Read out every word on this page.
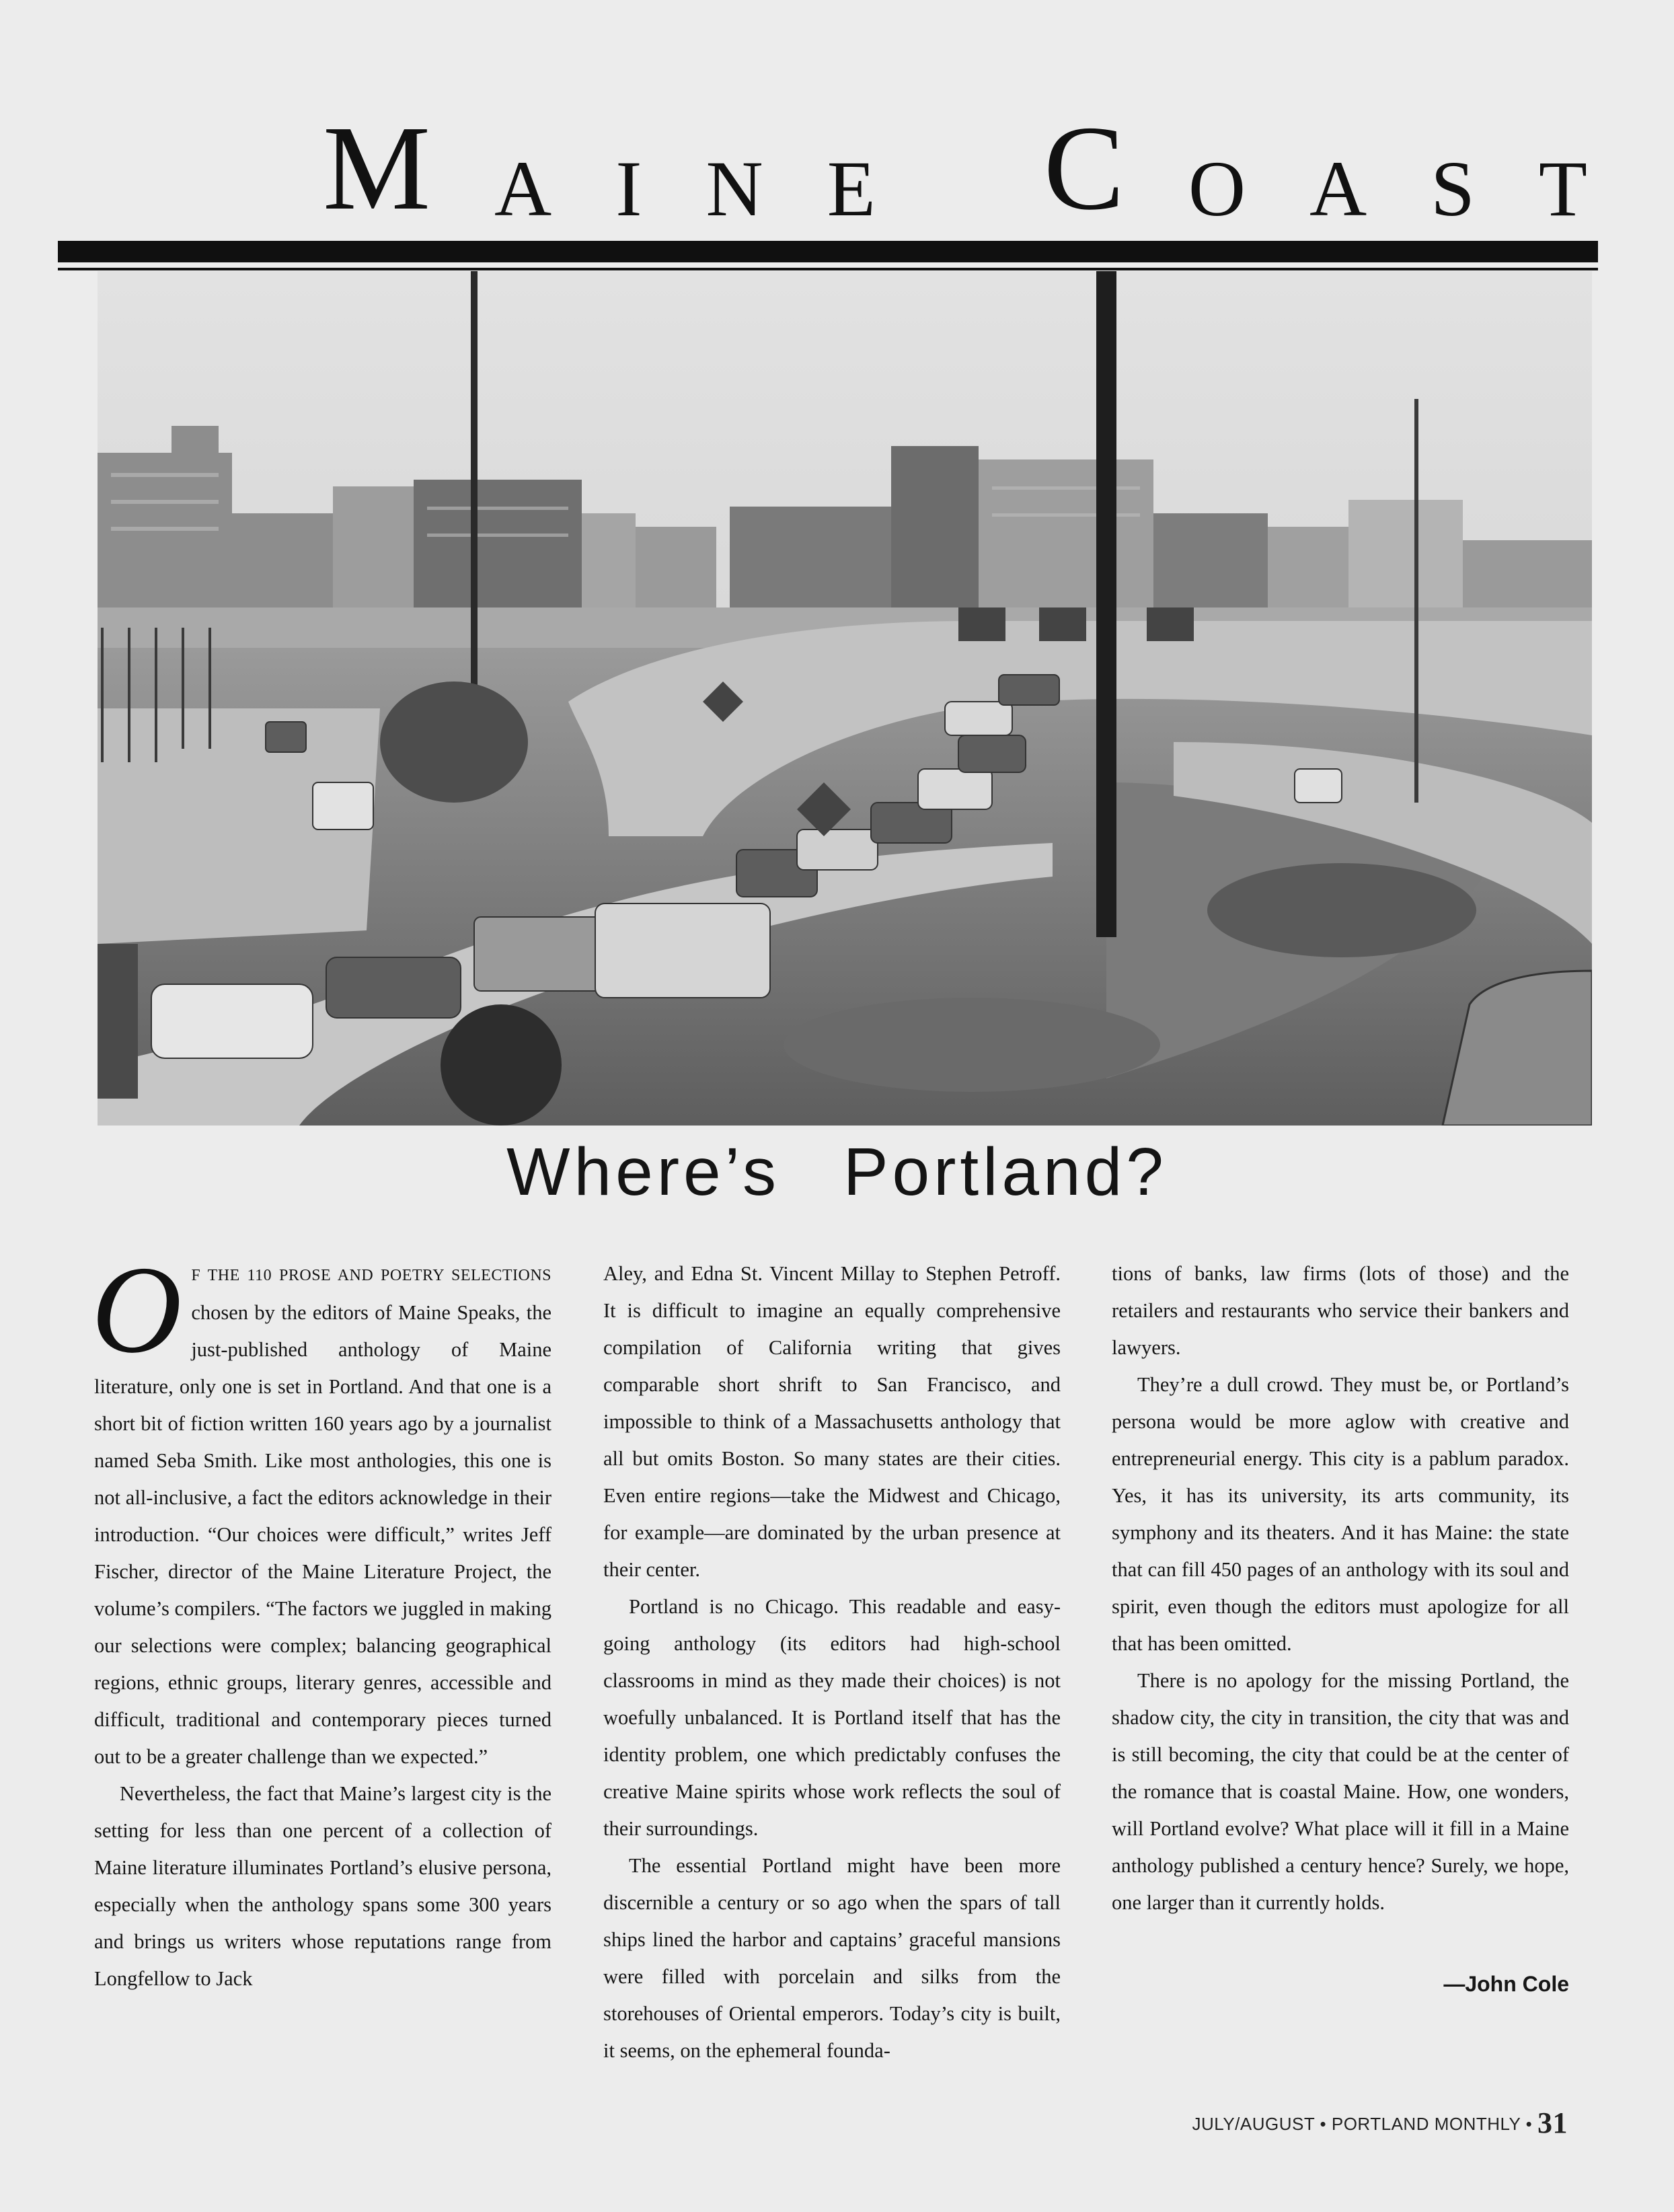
M A I N E C O A S T
Where’s Portland?

O F THE 110 PROSE AND POETRY SELECTIONS chosen by the editors of Maine Speaks, the just-published anthology of Maine literature, only one is set in Portland. And that one is a short bit of fiction written 160 years ago by a journalist named Seba Smith. Like most anthologies, this one is not all-inclusive, a fact the editors acknowledge in their introduction. “Our choices were difficult,” writes Jeff Fischer, director of the Maine Literature Project, the volume’s compilers. “The factors we juggled in making our selections were complex; balancing geographical regions, ethnic groups, literary genres, accessible and difficult, traditional and contemporary pieces turned out to be a greater challenge than we expected.”

Nevertheless, the fact that Maine’s largest city is the setting for less than one percent of a collection of Maine literature illuminates Portland’s elusive persona, especially when the anthology spans some 300 years and brings us writers whose reputations range from Longfellow to Jack

Aley, and Edna St. Vincent Millay to Stephen Petroff. It is difficult to imagine an equally comprehensive compilation of California writing that gives comparable short shrift to San Francisco, and impossible to think of a Massachusetts anthology that all but omits Boston. So many states are their cities. Even entire regions—take the Midwest and Chicago, for example—are dominated by the urban presence at their center.

Portland is no Chicago. This readable and easy-going anthology (its editors had high-school classrooms in mind as they made their choices) is not woefully unbalanced. It is Portland itself that has the identity problem, one which predictably confuses the creative Maine spirits whose work reflects the soul of their surroundings.

The essential Portland might have been more discernible a century or so ago when the spars of tall ships lined the harbor and captains’ graceful mansions were filled with porcelain and silks from the storehouses of Oriental emperors. Today’s city is built, it seems, on the ephemeral founda-

tions of banks, law firms (lots of those) and the retailers and restaurants who service their bankers and lawyers.

They’re a dull crowd. They must be, or Portland’s persona would be more aglow with creative and entrepreneurial energy. This city is a pablum paradox. Yes, it has its university, its arts community, its symphony and its theaters. And it has Maine: the state that can fill 450 pages of an anthology with its soul and spirit, even though the editors must apologize for all that has been omitted.

There is no apology for the missing Portland, the shadow city, the city in transition, the city that was and is still becoming, the city that could be at the center of the romance that is coastal Maine. How, one wonders, will Portland evolve? What place will it fill in a Maine anthology published a century hence? Surely, we hope, one larger than it currently holds.

—John Cole
JULY/AUGUST • PORTLAND MONTHLY • 31
